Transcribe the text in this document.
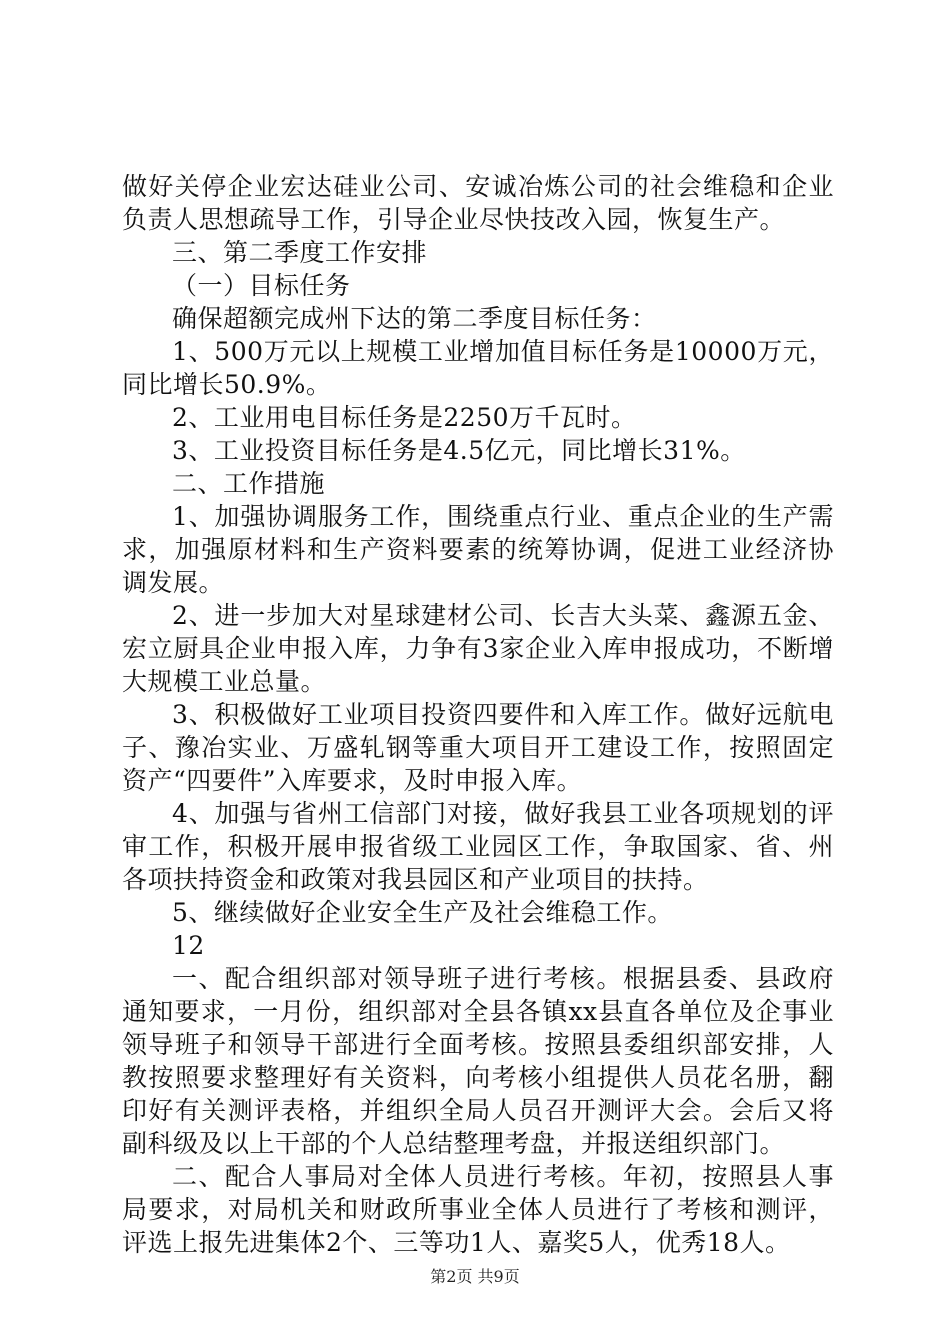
做好关停企业宏达硅业公司、安诚冶炼公司的社会维稳和企业负责人思想疏导工作，引导企业尽快技改入园，恢复生产。

三、第二季度工作安排

（一）目标任务

确保超额完成州下达的第二季度目标任务：

1、500万元以上规模工业增加值目标任务是10000万元，同比增长50.9%。

2、工业用电目标任务是2250万千瓦时。

3、工业投资目标任务是4.5亿元，同比增长31%。

二、工作措施

1、加强协调服务工作，围绕重点行业、重点企业的生产需求，加强原材料和生产资料要素的统筹协调，促进工业经济协调发展。

2、进一步加大对星球建材公司、长吉大头菜、鑫源五金、宏立厨具企业申报入库，力争有3家企业入库申报成功，不断增大规模工业总量。

3、积极做好工业项目投资四要件和入库工作。做好远航电子、豫冶实业、万盛轧钢等重大项目开工建设工作，按照固定资产“四要件”入库要求，及时申报入库。

4、加强与省州工信部门对接，做好我县工业各项规划的评审工作，积极开展申报省级工业园区工作，争取国家、省、州各项扶持资金和政策对我县园区和产业项目的扶持。

5、继续做好企业安全生产及社会维稳工作。

12

一、配合组织部对领导班子进行考核。根据县委、县政府通知要求，一月份，组织部对全县各镇xx县直各单位及企事业领导班子和领导干部进行全面考核。按照县委组织部安排，人教按照要求整理好有关资料，向考核小组提供人员花名册，翻印好有关测评表格，并组织全局人员召开测评大会。会后又将副科级及以上干部的个人总结整理考盘，并报送组织部门。

二、配合人事局对全体人员进行考核。年初，按照县人事局要求，对局机关和财政所事业全体人员进行了考核和测评，评选上报先进集体2个、三等功1人、嘉奖5人，优秀18人。

第2页 共9页
